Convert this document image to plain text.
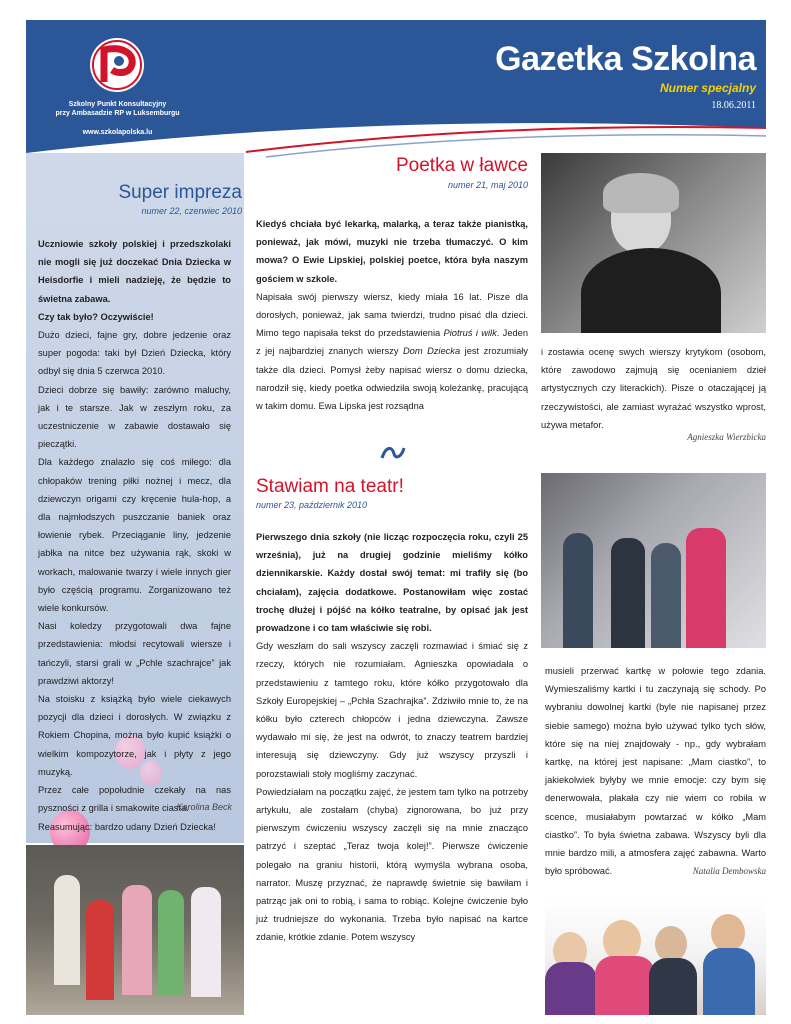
Szkolny Punkt Konsultacyjny
przy Ambasadzie RP w Luksemburgu
www.szkolapolska.lu
Gazetka Szkolna
Numer specjalny
18.06.2011
Super impreza
numer 22, czerwiec 2010

Uczniowie szkoły polskiej i przedszkolaki nie mogli się już doczekać Dnia Dziecka w Heisdorfie i mieli nadzieję, że będzie to świetna zabawa.

Czy tak było? Oczywiście!

Dużo dzieci, fajne gry, dobre jedzenie oraz super pogoda: taki był Dzień Dziecka, który odbył się dnia 5 czerwca 2010.

Dzieci dobrze się bawiły: zarówno maluchy, jak i te starsze. Jak w zeszłym roku, za uczestniczenie w zabawie dostawało się pieczątki.

Dla każdego znalazło się coś miłego: dla chłopaków trening piłki nożnej i mecz, dla dziewczyn origami czy kręcenie hula-hop, a dla najmłodszych puszczanie baniek oraz łowienie rybek. Przeciąganie liny, jedzenie jabłka na nitce bez używania rąk, skoki w workach, malowanie twarzy i wiele innych gier było częścią programu. Zorganizowano też wiele konkursów.

Nasi koledzy przygotowali dwa fajne przedstawienia: młodsi recytowali wiersze i tańczyli, starsi grali w „Pchle szachrajce” jak prawdziwi aktorzy!

Na stoisku z książką było wiele ciekawych pozycji dla dzieci i dorosłych. W związku z Rokiem Chopina, można było kupić książki o wielkim kompozytorze, jak i płyty z jego muzyką.

Przez całe popołudnie czekały na nas pyszności z grilla i smakowite ciasta.

Reasumując: bardzo udany Dzień Dziecka!

Karolina Beck
Poetka w ławce
numer 21, maj 2010

Kiedyś chciała być lekarką, malarką, a teraz także pianistką, ponieważ, jak mówi, muzyki nie trzeba tłumaczyć. O kim mowa? O Ewie Lipskiej, polskiej poetce, która była naszym gościem w szkole.

Napisała swój pierwszy wiersz, kiedy miała 16 lat. Pisze dla dorosłych, ponieważ, jak sama twierdzi, trudno pisać dla dzieci. Mimo tego napisała tekst do przedstawienia Piotruś i wilk. Jeden z jej najbardziej znanych wierszy Dom Dziecka jest zrozumiały także dla dzieci. Pomysł żeby napisać wiersz o domu dziecka, narodził się, kiedy poetka odwiedziła swoją koleżankę, pracującą w takim domu. Ewa Lipska jest rozsądna

i zostawia ocenę swych wierszy krytykom (osobom, które zawodowo zajmują się ocenianiem dzieł artystycznych czy literackich). Pisze o otaczającej ją rzeczywistości, ale zamiast wyrażać wszystko wprost, używa metafor.
Agnieszka Wierzbicka
Stawiam na teatr!
numer 23, październik 2010

Pierwszego dnia szkoły (nie licząc rozpoczęcia roku, czyli 25 września), już na drugiej godzinie mieliśmy kółko dziennikarskie. Każdy dostał swój temat: mi trafiły się (bo chciałam), zajęcia dodatkowe. Postanowiłam więc zostać trochę dłużej i pójść na kółko teatralne, by opisać jak jest prowadzone i co tam właściwie się robi.

Gdy weszłam do sali wszyscy zaczęli rozmawiać i śmiać się z rzeczy, których nie rozumiałam. Agnieszka opowiadała o przedstawieniu z tamtego roku, które kółko przygotowało dla Szkoły Europejskiej – „Pchła Szachrajka”. Zdziwiło mnie to, że na kółku było czterech chłopców i jedna dziewczyna. Zawsze wydawało mi się, że jest na odwrót, to znaczy teatrem bardziej interesują się dziewczyny. Gdy już wszyscy przyszli i porozstawiali stoły mogliśmy zaczynać.

Powiedziałam na początku zajęć, że jestem tam tylko na potrzeby artykułu, ale zostałam (chyba) zignorowana, bo już przy pierwszym ćwiczeniu wszyscy zaczęli się na mnie znacząco patrzyć i szeptać „Teraz twoja kolej!”. Pierwsze ćwiczenie polegało na graniu historii, którą wymyśla wybrana osoba, narrator. Muszę przyznać, że naprawdę świetnie się bawiłam i patrząc jak oni to robią, i sama to robiąc. Kolejne ćwiczenie było już trudniejsze do wykonania. Trzeba było napisać na kartce zdanie, krótkie zdanie. Potem wszyscy

musieli przerwać kartkę w połowie tego zdania. Wymieszaliśmy kartki i tu zaczynają się schody. Po wybraniu dowolnej kartki (byle nie napisanej przez siebie samego) można było używać tylko tych słów, które się na niej znajdowały - np., gdy wybrałam kartkę, na której jest napisane: „Mam ciastko”, to jakiekolwiek byłyby we mnie emocje: czy bym się denerwowała, płakała czy nie wiem co robiła w scence, musiałabym powtarzać w kółko „Mam ciastko”. To była świetna zabawa. Wszyscy byli dla mnie bardzo mili, a atmosfera zajęć zabawna. Warto było spróbować.	Natalia Dembowska
